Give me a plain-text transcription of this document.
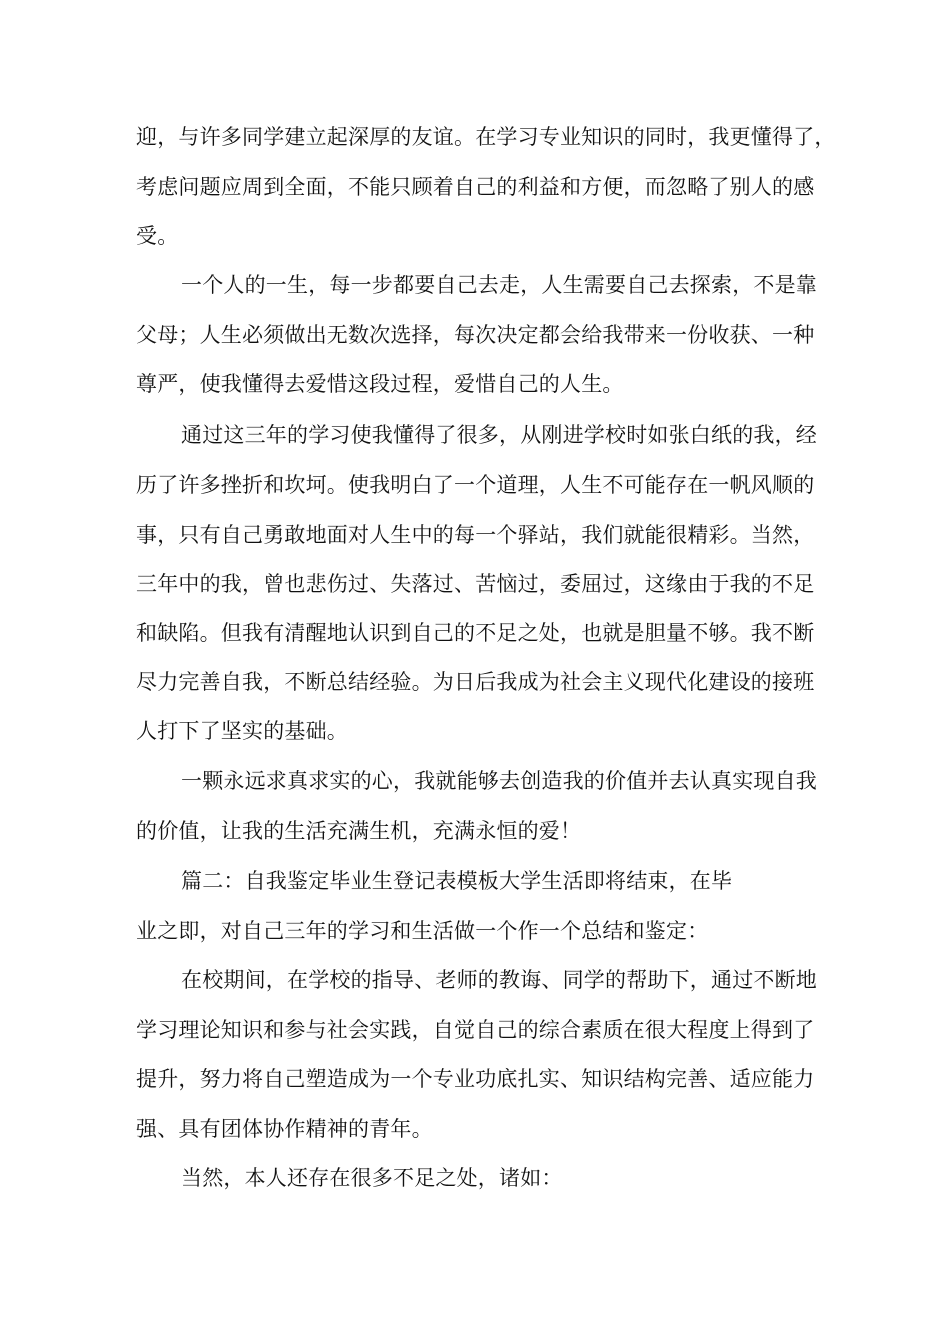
迎，与许多同学建立起深厚的友谊。在学习专业知识的同时，我更懂得了，
考虑问题应周到全面，不能只顾着自己的利益和方便，而忽略了别人的感
受。
一个人的一生，每一步都要自己去走，人生需要自己去探索，不是靠
父母；人生必须做出无数次选择，每次决定都会给我带来一份收获、一种
尊严，使我懂得去爱惜这段过程，爱惜自己的人生。
通过这三年的学习使我懂得了很多，从刚进学校时如张白纸的我，经
历了许多挫折和坎坷。使我明白了一个道理，人生不可能存在一帆风顺的
事，只有自己勇敢地面对人生中的每一个驿站，我们就能很精彩。当然，
三年中的我，曾也悲伤过、失落过、苦恼过，委屈过，这缘由于我的不足
和缺陷。但我有清醒地认识到自己的不足之处，也就是胆量不够。我不断
尽力完善自我，不断总结经验。为日后我成为社会主义现代化建设的接班
人打下了坚实的基础。
一颗永远求真求实的心，我就能够去创造我的价值并去认真实现自我
的价值，让我的生活充满生机，充满永恒的爱！
篇二：自我鉴定毕业生登记表模板大学生活即将结束，在毕
业之即，对自己三年的学习和生活做一个作一个总结和鉴定：
在校期间，在学校的指导、老师的教诲、同学的帮助下，通过不断地
学习理论知识和参与社会实践，自觉自己的综合素质在很大程度上得到了
提升，努力将自己塑造成为一个专业功底扎实、知识结构完善、适应能力
强、具有团体协作精神的青年。
当然，本人还存在很多不足之处，诸如：
